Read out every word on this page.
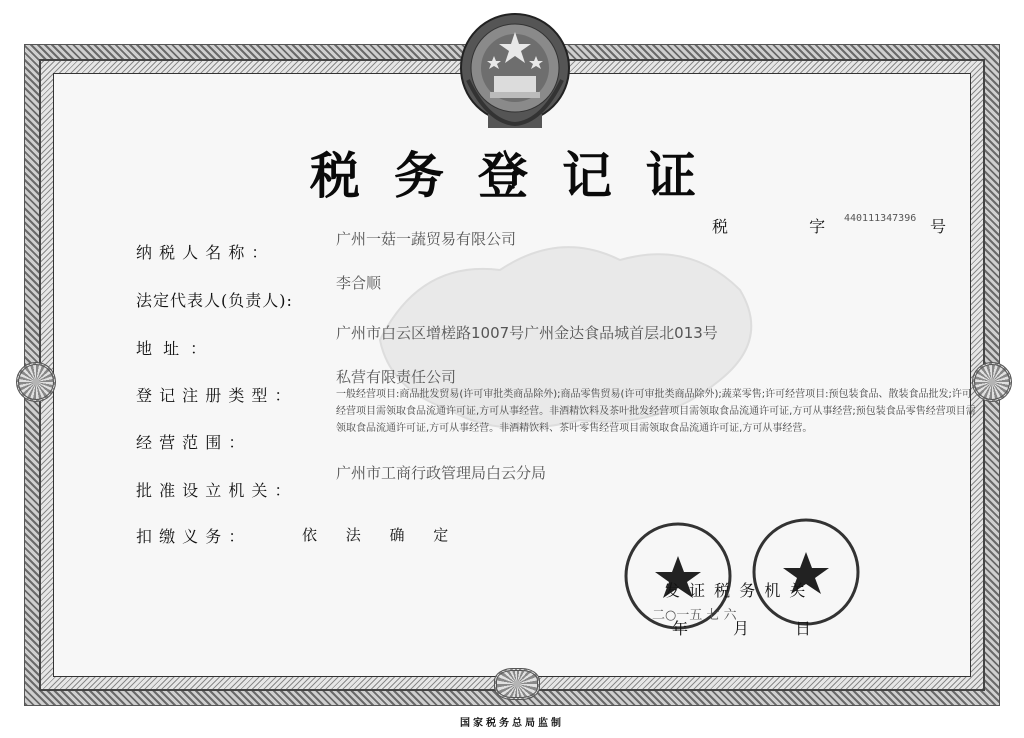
税务登记证
税 字
440111347396 号
纳 税 人 名 称 ：
广州一菇一蔬贸易有限公司
法定代表人(负责人):
李合顺
地 址 ：
广州市白云区增槎路1007号广州金达食品城首层北013号
登 记 注 册 类 型 ：
私营有限责任公司
经 营 范 围 ：
一般经营项目:商品批发贸易(许可审批类商品除外);商品零售贸易(许可审批类商品除外);蔬菜零售;许可经营项目:预包装食品、散装食品批发;许可经营项目需领取食品流通许可证,方可从事经营。非酒精饮料及茶叶批发经营项目需领取食品流通许可证,方可从事经营;预包装食品零售经营项目需领取食品流通许可证,方可从事经营。非酒精饮料、茶叶零售经营项目需领取食品流通许可证,方可从事经营。
批 准 设 立 机 关 ：
广州市工商行政管理局白云分局
扣 缴 义 务 ：	依 法 确 定
发 证 税 务 机 关
二○一五 七 六
年	月	日
国家税务总局监制
